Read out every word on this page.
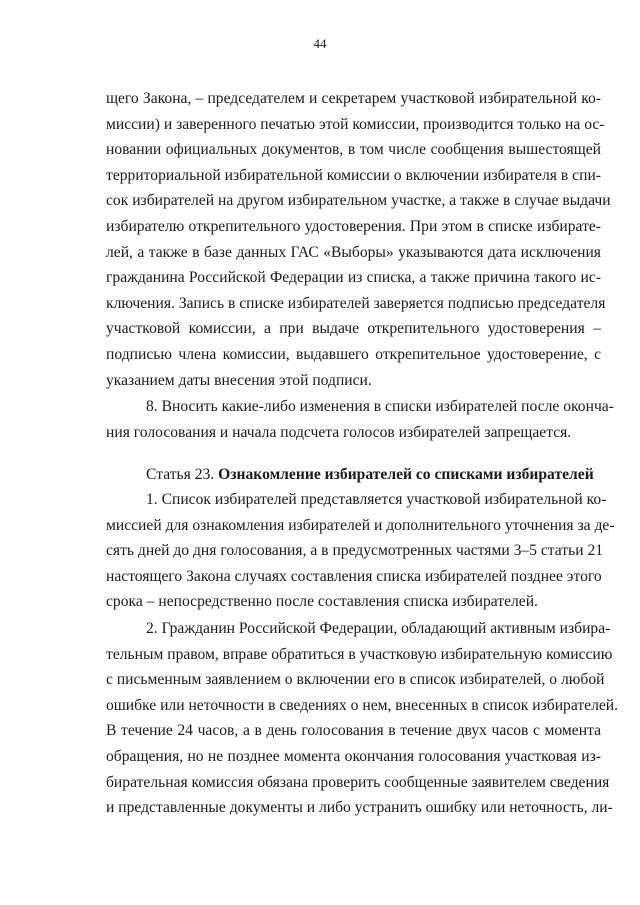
44
щего Закона, – председателем и секретарем участковой избирательной ко-
миссии) и заверенного печатью этой комиссии, производится только на ос-
новании официальных документов, в том числе сообщения вышестоящей
территориальной избирательной комиссии о включении избирателя в спи-
сок избирателей на другом избирательном участке, а также в случае выдачи
избирателю открепительного удостоверения. При этом в списке избирате-
лей, а также в базе данных ГАС «Выборы» указываются дата исключения
гражданина Российской Федерации из списка, а также причина такого ис-
ключения. Запись в списке избирателей заверяется подписью председателя
участковой комиссии, а при выдаче открепительного удостоверения –
подписью члена комиссии, выдавшего открепительное удостоверение, с
указанием даты внесения этой подписи.
8. Вносить какие-либо изменения в списки избирателей после оконча-
ния голосования и начала подсчета голосов избирателей запрещается.
Статья 23. Ознакомление избирателей со списками избирателей
1. Список избирателей представляется участковой избирательной ко-
миссией для ознакомления избирателей и дополнительного уточнения за де-
сять дней до дня голосования, а в предусмотренных частями 3–5 статьи 21
настоящего Закона случаях составления списка избирателей позднее этого
срока – непосредственно после составления списка избирателей.
2. Гражданин Российской Федерации, обладающий активным избира-
тельным правом, вправе обратиться в участковую избирательную комиссию
с письменным заявлением о включении его в список избирателей, о любой
ошибке или неточности в сведениях о нем, внесенных в список избирателей.
В течение 24 часов, а в день голосования в течение двух часов с момента
обращения, но не позднее момента окончания голосования участковая из-
бирательная комиссия обязана проверить сообщенные заявителем сведения
и представленные документы и либо устранить ошибку или неточность, ли-
